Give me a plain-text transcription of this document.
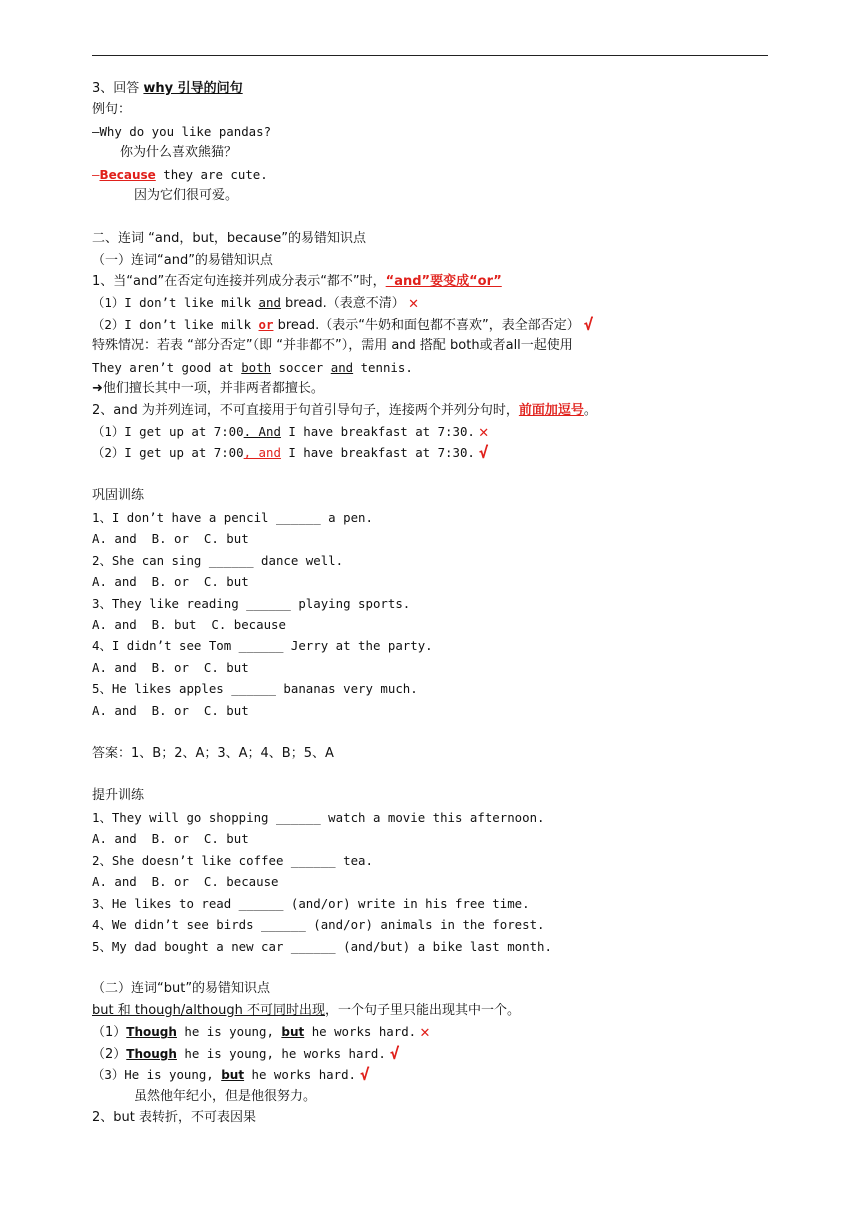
3、回答 why 引导的问句
例句：
—Why do you like pandas?
你为什么喜欢熊猫？
—Because they are cute.
因为它们很可爱。
二、连词 “and，but，because”的易错知识点
（一）连词“and”的易错知识点
1、当“and”在否定句连接并列成分表示“都不”时，“and”要变成“or”
（1）I don’t like milk and bread.（表意不清） ✕
（2）I don’t like milk or bread.（表示“牛奶和面包都不喜欢”，表全部否定） √
特殊情况：若表 “部分否定”（即 “并非都不”），需用 and 搭配 both或者all一起使用
They aren’t good at both soccer and tennis.
➜他们擅长其中一项，并非两者都擅长。
2、and 为并列连词，不可直接用于句首引导句子，连接两个并列分句时，前面加逗号。
（1）I get up at 7:00. And I have breakfast at 7:30. ✕
（2）I get up at 7:00, and I have breakfast at 7:30. √
巩固训练
1、I don’t have a pencil ______ a pen.
A. and  B. or  C. but
2、She can sing ______ dance well.
A. and  B. or  C. but
3、They like reading ______ playing sports.
A. and  B. but  C. because
4、I didn’t see Tom ______ Jerry at the party.
A. and  B. or  C. but
5、He likes apples ______ bananas very much.
A. and  B. or  C. but
答案：1、B；2、A；3、A；4、B；5、A
提升训练
1、They will go shopping ______ watch a movie this afternoon.
A. and  B. or  C. but
2、She doesn’t like coffee ______ tea.
A. and  B. or  C. because
3、He likes to read ______ (and/or) write in his free time.
4、We didn’t see birds ______ (and/or) animals in the forest.
5、My dad bought a new car ______ (and/but) a bike last month.
（二）连词“but”的易错知识点
but 和 though/although 不可同时出现，一个句子里只能出现其中一个。
（1）Though he is young, but he works hard. ✕
（2）Though he is young, he works hard. √
（3）He is young, but he works hard. √
虽然他年纪小，但是他很努力。
2、but 表转折，不可表因果
